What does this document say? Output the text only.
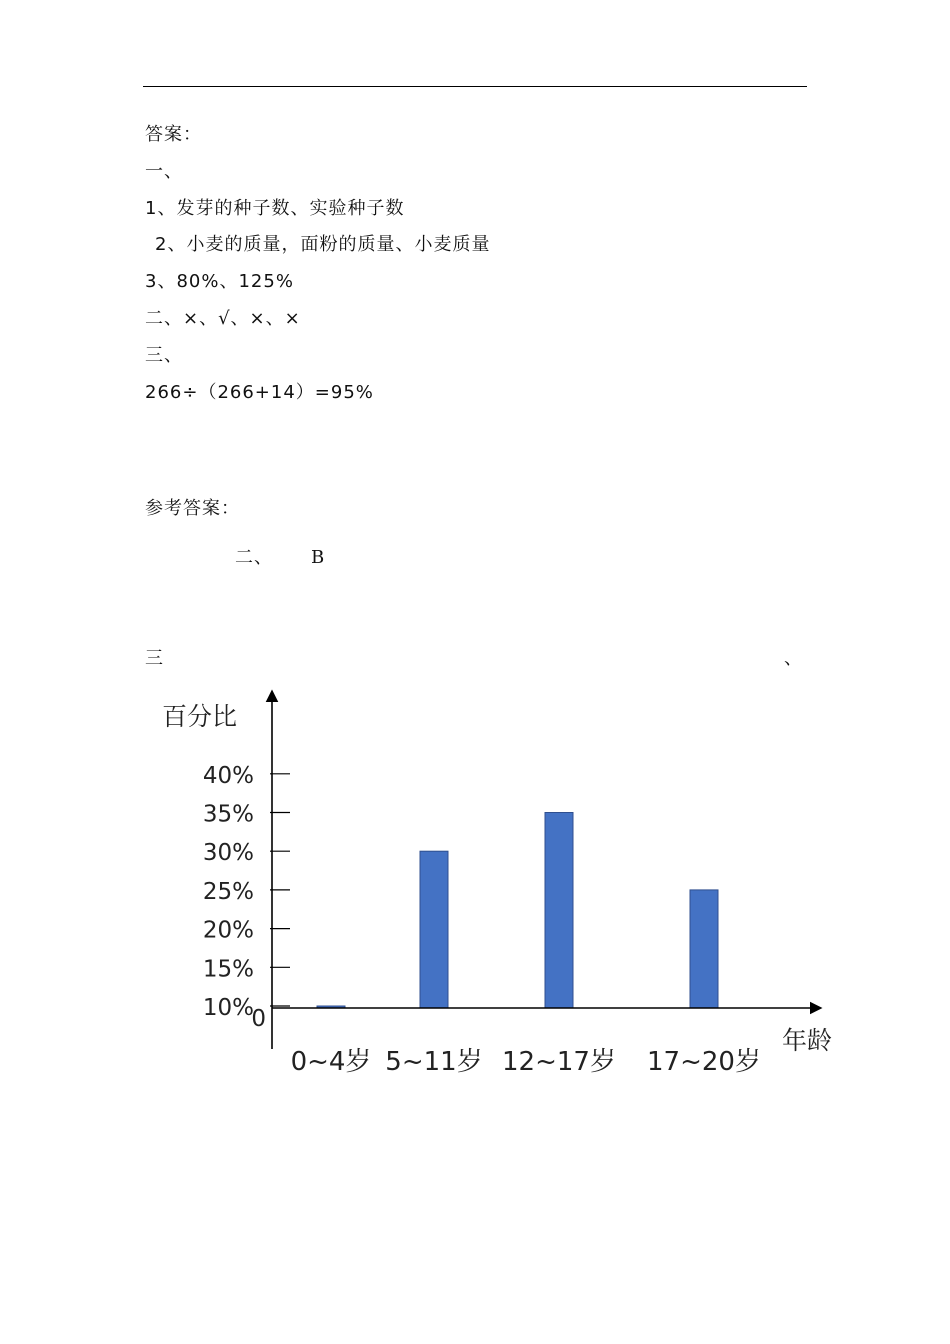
答案：
一、
1、发芽的种子数、实验种子数
2、小麦的质量，面粉的质量、小麦质量
3、80%、125%
二、×、√、×、×
三、
266÷（266+14）=95%
参考答案：
二、 B
三	、
0
10%
15%
20%
25%
30%
35%
40%
百分比
年龄
0~4岁 5~11岁 12~17岁 17~20岁
